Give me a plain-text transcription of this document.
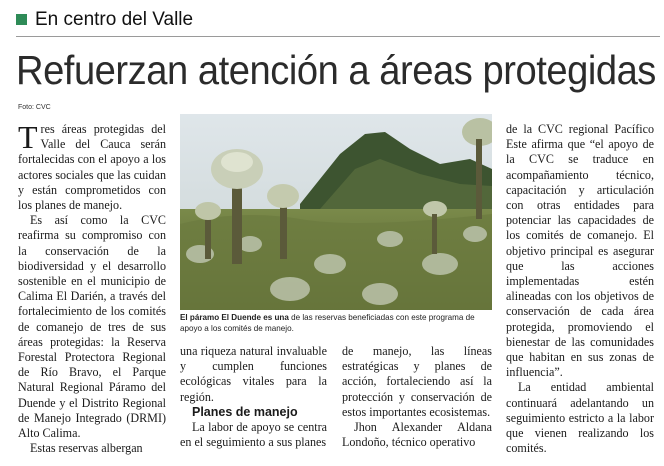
En centro del Valle
Refuerzan atención a áreas protegidas
Foto: CVC

Tres áreas protegidas del Valle del Cauca serán fortalecidas con el apoyo a los actores sociales que las cuidan y están comprometidos con los planes de manejo.

Es así como la CVC reafirma su compromiso con la conservación de la biodiversidad y el desarrollo sostenible en el municipio de Calima El Darién, a través del fortalecimiento de los comités de comanejo de tres de sus áreas protegidas: la Reserva Forestal Protectora Regional de Río Bravo, el Parque Natural Regional Páramo del Duende y el Distrito Regional de Manejo Integrado (DRMI) Alto Calima.

Estas reservas albergan

El páramo El Duende es una de las reservas beneficiadas con este programa de apoyo a los comités de manejo.

una riqueza natural invaluable y cumplen funciones ecológicas vitales para la región.

Planes de manejo

La labor de apoyo se centra en el seguimiento a sus planes

de manejo, las líneas estratégicas y planes de acción, fortaleciendo así la protección y conservación de estos importantes ecosistemas.

Jhon Alexander Aldana Londoño, técnico operativo

de la CVC regional Pacífico Este afirma que “el apoyo de la CVC se traduce en acompañamiento técnico, capacitación y articulación con otras entidades para potenciar las capacidades de los comités de comanejo. El objetivo principal es asegurar que las acciones implementadas estén alineadas con los objetivos de conservación de cada área protegida, promoviendo el bienestar de las comunidades que habitan en sus zonas de influencia”.

La entidad ambiental continuará adelantando un seguimiento estricto a la labor que vienen realizando los comités.
